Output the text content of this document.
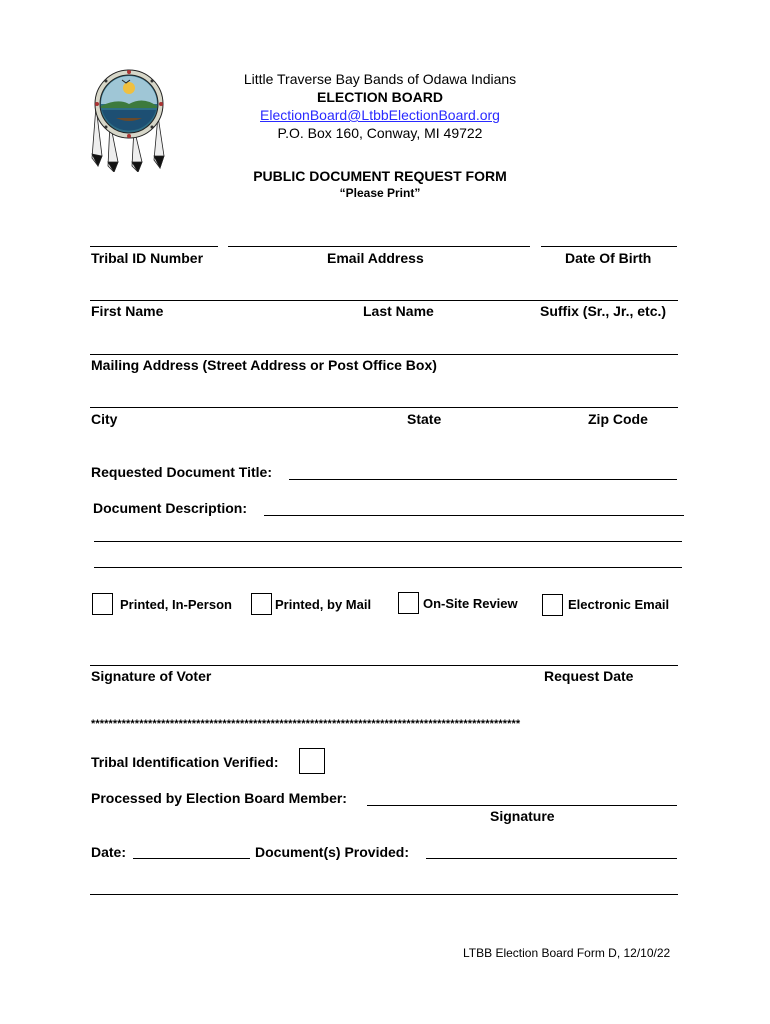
Little Traverse Bay Bands of Odawa Indians
ELECTION BOARD
ElectionBoard@LtbbElectionBoard.org
P.O. Box 160, Conway, MI 49722
PUBLIC DOCUMENT REQUEST FORM
“Please Print”
Tribal ID Number	Email Address	Date Of Birth
First Name	Last Name	Suffix (Sr., Jr., etc.)
Mailing Address (Street Address or Post Office Box)
City	State	Zip Code
Requested Document Title:
Document Description:
Printed, In-Person	Printed, by Mail	On-Site Review	Electronic Email
Signature of Voter	Request Date
**************************************************************************************************
Tribal Identification Verified:
Processed by Election Board Member:
Signature
Date:	Document(s) Provided:
LTBB Election Board Form D, 12/10/22
